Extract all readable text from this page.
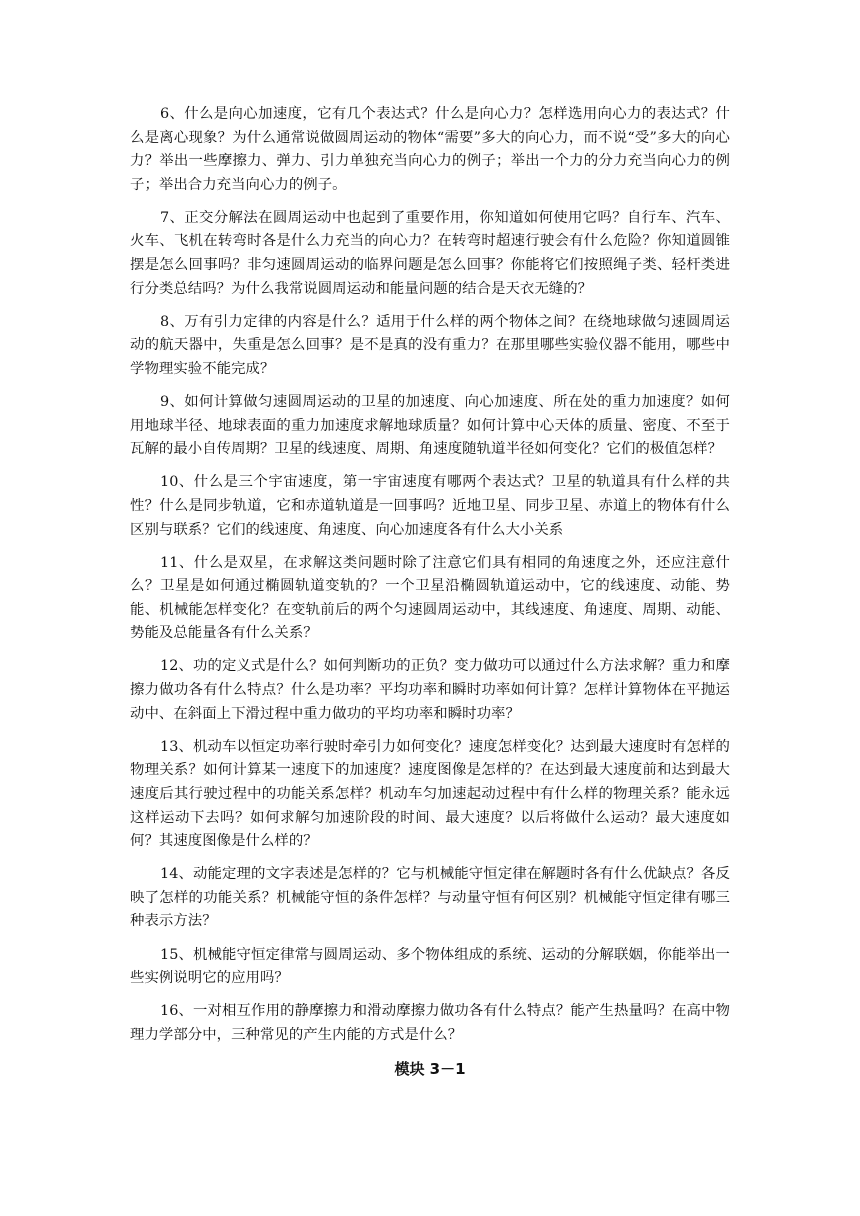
6、什么是向心加速度，它有几个表达式？什么是向心力？怎样选用向心力的表达式？什么是离心现象？为什么通常说做圆周运动的物体“需要”多大的向心力，而不说“受”多大的向心力？举出一些摩擦力、弹力、引力单独充当向心力的例子；举出一个力的分力充当向心力的例子；举出合力充当向心力的例子。

7、正交分解法在圆周运动中也起到了重要作用，你知道如何使用它吗？自行车、汽车、火车、飞机在转弯时各是什么力充当的向心力？在转弯时超速行驶会有什么危险？你知道圆锥摆是怎么回事吗？非匀速圆周运动的临界问题是怎么回事？你能将它们按照绳子类、轻杆类进行分类总结吗？为什么我常说圆周运动和能量问题的结合是天衣无缝的？

8、万有引力定律的内容是什么？适用于什么样的两个物体之间？在绕地球做匀速圆周运动的航天器中，失重是怎么回事？是不是真的没有重力？在那里哪些实验仪器不能用，哪些中学物理实验不能完成？

9、如何计算做匀速圆周运动的卫星的加速度、向心加速度、所在处的重力加速度？如何用地球半径、地球表面的重力加速度求解地球质量？如何计算中心天体的质量、密度、不至于瓦解的最小自传周期？卫星的线速度、周期、角速度随轨道半径如何变化？它们的极值怎样？

10、什么是三个宇宙速度，第一宇宙速度有哪两个表达式？卫星的轨道具有什么样的共性？什么是同步轨道，它和赤道轨道是一回事吗？近地卫星、同步卫星、赤道上的物体有什么区别与联系？它们的线速度、角速度、向心加速度各有什么大小关系

11、什么是双星，在求解这类问题时除了注意它们具有相同的角速度之外，还应注意什么？卫星是如何通过椭圆轨道变轨的？一个卫星沿椭圆轨道运动中，它的线速度、动能、势能、机械能怎样变化？在变轨前后的两个匀速圆周运动中，其线速度、角速度、周期、动能、势能及总能量各有什么关系？

12、功的定义式是什么？如何判断功的正负？变力做功可以通过什么方法求解？重力和摩擦力做功各有什么特点？什么是功率？平均功率和瞬时功率如何计算？怎样计算物体在平抛运动中、在斜面上下滑过程中重力做功的平均功率和瞬时功率？

13、机动车以恒定功率行驶时牵引力如何变化？速度怎样变化？达到最大速度时有怎样的物理关系？如何计算某一速度下的加速度？速度图像是怎样的？在达到最大速度前和达到最大速度后其行驶过程中的功能关系怎样？机动车匀加速起动过程中有什么样的物理关系？能永远这样运动下去吗？如何求解匀加速阶段的时间、最大速度？以后将做什么运动？最大速度如何？其速度图像是什么样的？

14、动能定理的文字表述是怎样的？它与机械能守恒定律在解题时各有什么优缺点？各反映了怎样的功能关系？机械能守恒的条件怎样？与动量守恒有何区别？机械能守恒定律有哪三种表示方法？

15、机械能守恒定律常与圆周运动、多个物体组成的系统、运动的分解联姻，你能举出一些实例说明它的应用吗？

16、一对相互作用的静摩擦力和滑动摩擦力做功各有什么特点？能产生热量吗？在高中物理力学部分中，三种常见的产生内能的方式是什么？

模块 3－1
